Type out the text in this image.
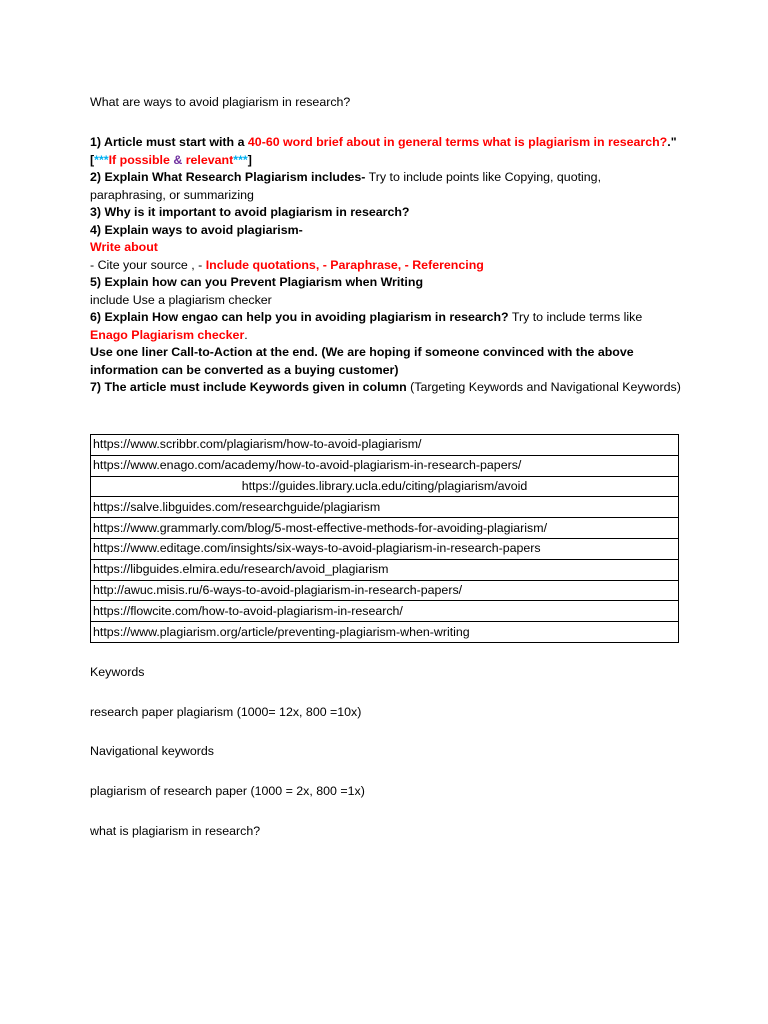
What are ways to avoid plagiarism in research?

1) Article must start with a 40-60 word brief about in general terms what is plagiarism in research?."

[***If possible & relevant***]

2) Explain What Research Plagiarism includes- Try to include points like Copying, quoting, paraphrasing, or summarizing

3) Why is it important to avoid plagiarism in research?

4) Explain ways to avoid plagiarism-

Write about

- Cite your source , - Include quotations, - Paraphrase, - Referencing

5) Explain how can you Prevent Plagiarism when Writing

include Use a plagiarism checker

6) Explain How engao can help you in avoiding plagiarism in research? Try to include terms like Enago Plagiarism checker.

Use one liner Call-to-Action at the end. (We are hoping if someone convinced with the above information can be converted as a buying customer)

7) The article must include Keywords given in column (Targeting Keywords and Navigational Keywords)

https://www.scribbr.com/plagiarism/how-to-avoid-plagiarism/
https://www.enago.com/academy/how-to-avoid-plagiarism-in-research-papers/
https://guides.library.ucla.edu/citing/plagiarism/avoid
https://salve.libguides.com/researchguide/plagiarism
https://www.grammarly.com/blog/5-most-effective-methods-for-avoiding-plagiarism/
https://www.editage.com/insights/six-ways-to-avoid-plagiarism-in-research-papers
https://libguides.elmira.edu/research/avoid_plagiarism
http://awuc.misis.ru/6-ways-to-avoid-plagiarism-in-research-papers/
https://flowcite.com/how-to-avoid-plagiarism-in-research/
https://www.plagiarism.org/article/preventing-plagiarism-when-writing

Keywords

research paper plagiarism (1000= 12x, 800 =10x)

Navigational keywords

plagiarism of research paper (1000 = 2x, 800 =1x)

what is plagiarism in research?
